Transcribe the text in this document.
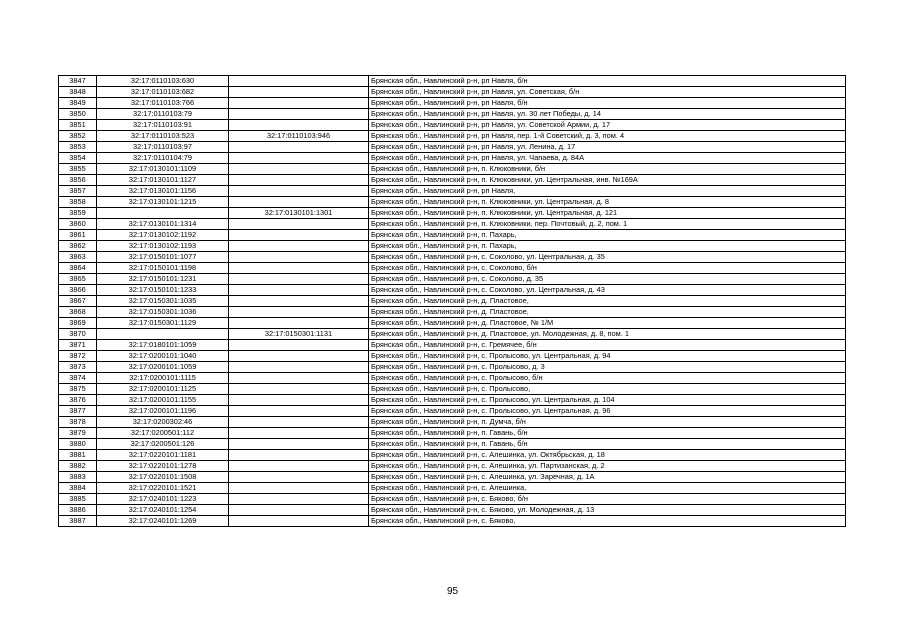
3847	32:17:0110103:630		Брянская обл., Навлинский р-н, рп Навля, б/н
3848	32:17:0110103:682		Брянская обл., Навлинский р-н, рп Навля, ул. Советская, б/н
3849	32:17:0110103:766		Брянская обл., Навлинский р-н, рп Навля, б/н
3850	32:17:0110103:79		Брянская обл., Навлинский р-н, рп Навля, ул. 30 лет Победы, д. 14
3851	32:17:0110103:91		Брянская обл., Навлинский р-н, рп Навля, ул. Советской Армии, д. 17
3852	32:17:0110103:523	32:17:0110103:946	Брянская обл., Навлинский р-н, рп Навля, пер. 1-й Советский, д. 3, пом. 4
3853	32:17:0110103:97		Брянская обл., Навлинский р-н, рп Навля, ул. Ленина, д. 17
3854	32:17:0110104:79		Брянская обл., Навлинский р-н, рп Навля, ул. Чапаева, д. 84А
3855	32:17:0130101:1109		Брянская обл., Навлинский р-н, п. Клюковники, б/н
3856	32:17:0130101:1127		Брянская обл., Навлинский р-н, п. Клюковники, ул. Центральная, инв. №169А
3857	32:17:0130101:1156		Брянская обл., Навлинский р-н, рп Навля,
3858	32:17:0130101:1215		Брянская обл., Навлинский р-н, п. Клюковники, ул. Центральная, д. 8
3859		32:17:0130101:1301	Брянская обл., Навлинский р-н, п. Клюковники, ул. Центральная, д. 121
3860	32:17:0130101:1314		Брянская обл., Навлинский р-н, п. Клюковники, пер. Почтовый, д. 2, пом. 1
3861	32:17:0130102:1192		Брянская обл., Навлинский р-н, п. Пахарь,
3862	32:17:0130102:1193		Брянская обл., Навлинский р-н, п. Пахарь,
3863	32:17:0150101:1077		Брянская обл., Навлинский р-н, с. Соколово, ул. Центральная, д. 35
3864	32:17:0150101:1198		Брянская обл., Навлинский р-н, с. Соколово, б/н
3865	32:17:0150101:1231		Брянская обл., Навлинский р-н, с. Соколово, д. 35
3866	32:17:0150101:1233		Брянская обл., Навлинский р-н, с. Соколово, ул. Центральная, д. 43
3867	32:17:0150301:1035		Брянская обл., Навлинский р-н, д. Пластовое,
3868	32:17:0150301:1036		Брянская обл., Навлинский р-н, д. Пластовое,
3869	32:17:0150301:1129		Брянская обл., Навлинский р-н, д. Пластовое, № 1/М
3870		32:17:0150301:1131	Брянская обл., Навлинский р-н, д. Пластовое, ул. Молодежная, д. 8, пом. 1
3871	32:17:0180101:1059		Брянская обл., Навлинский р-н, с. Гремячее, б/н
3872	32:17:0200101:1040		Брянская обл., Навлинский р-н, с. Пролысово, ул. Центральная, д. 94
3873	32:17:0200101:1059		Брянская обл., Навлинский р-н, с. Пролысово, д. 3
3874	32:17:0200101:1115		Брянская обл., Навлинский р-н, с. Пролысово, б/н
3875	32:17:0200101:1125		Брянская обл., Навлинский р-н, с. Пролысово,
3876	32:17:0200101:1155		Брянская обл., Навлинский р-н, с. Пролысово, ул. Центральная, д. 104
3877	32:17:0200101:1196		Брянская обл., Навлинский р-н, с. Пролысово, ул. Центральная, д. 96
3878	32:17:0200302:46		Брянская обл., Навлинский р-н, п. Думча, б/н
3879	32:17:0200501:112		Брянская обл., Навлинский р-н, п. Гавань, б/н
3880	32:17:0200501:126		Брянская обл., Навлинский р-н, п. Гавань, б/н
3881	32:17:0220101:1181		Брянская обл., Навлинский р-н, с. Алешинка, ул. Октябрьская, д. 18
3882	32:17:0220101:1278		Брянская обл., Навлинский р-н, с. Алешинка, ул. Партизанская, д. 2
3883	32:17:0220101:1508		Брянская обл., Навлинский р-н, с. Алешинка, ул. Заречная, д. 1А
3884	32:17:0220101:1521		Брянская обл., Навлинский р-н, с. Алешинка,
3885	32:17:0240101:1223		Брянская обл., Навлинский р-н, с. Бяково, б/н
3886	32:17:0240101:1254		Брянская обл., Навлинский р-н, с. Бяково, ул. Молодежная, д. 13
3887	32:17:0240101:1269		Брянская обл., Навлинский р-н, с. Бяково,
95
